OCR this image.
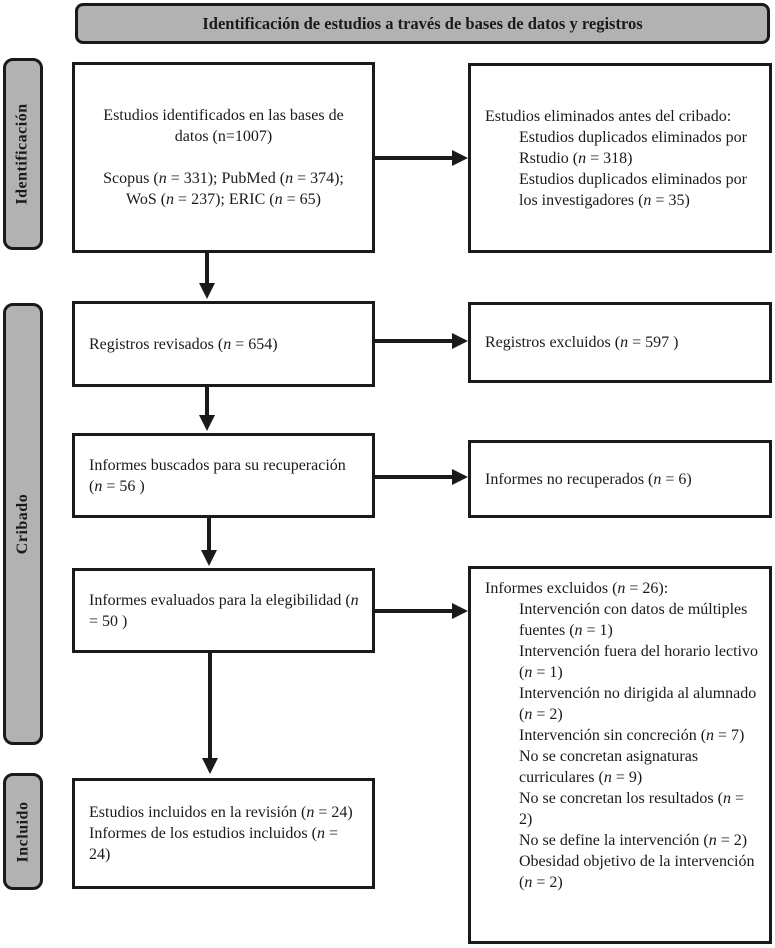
Identificación de estudios a través de bases de datos y registros
Identificación
Cribado
Incluido
Estudios identificados en las bases de datos (n=1007)
Scopus (n = 331); PubMed (n = 374); WoS (n = 237); ERIC (n = 65)
Estudios eliminados antes del cribado:
Estudios duplicados eliminados por Rstudio (n = 318)
Estudios duplicados eliminados por los investigadores (n = 35)
Registros revisados (n = 654)	Registros excluidos (n = 597 )
Informes buscados para su recuperación (n = 56 )	Informes no recuperados (n = 6)
Informes evaluados para la elegibilidad (n = 50 )
Informes excluidos (n = 26):
Intervención con datos de múltiples fuentes (n = 1)
Intervención fuera del horario lectivo (n = 1)
Intervención no dirigida al alumnado (n = 2)
Intervención sin concreción (n = 7)
No se concretan asignaturas curriculares (n = 9)
No se concretan los resultados (n = 2)
No se define la intervención (n = 2)
Obesidad objetivo de la intervención (n = 2)
Estudios incluidos en la revisión (n = 24)
Informes de los estudios incluidos (n = 24)
